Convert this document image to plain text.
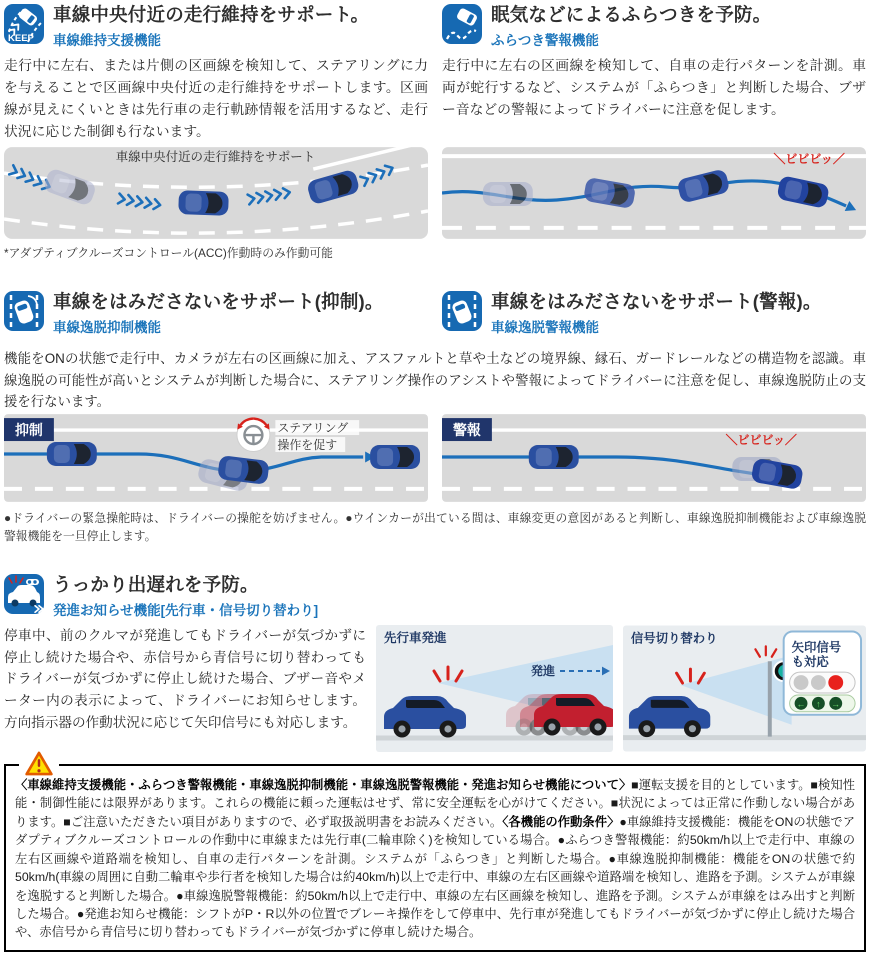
KEEP
車線中央付近の走行維持をサポート。
車線維持支援機能

走行中に左右、または片側の区画線を検知して、ステアリングに力を与えることで区画線中央付近の走行維持をサポートします。区画線が見えにくいときは先行車の走行軌跡情報を活用するなど、走行状況に応じた制御も行ないます。

車線中央付近の走行維持をサポート
*アダプティブクルーズコントロール(ACC)作動時のみ作動可能
眠気などによるふらつきを予防。
ふらつき警報機能

走行中に左右の区画線を検知して、自車の走行パターンを計測。車両が蛇行するなど、システムが「ふらつき」と判断した場合、ブザー音などの警報によってドライバーに注意を促します。

＼ビビビッ／
車線をはみださないをサポート(抑制)。
車線逸脱抑制機能
車線をはみださないをサポート(警報)。
車線逸脱警報機能

機能をONの状態で走行中、カメラが左右の区画線に加え、アスファルトと草や土などの境界線、縁石、ガードレールなどの構造物を認識。車線逸脱の可能性が高いとシステムが判断した場合に、ステアリング操作のアシストや警報によってドライバーに注意を促し、車線逸脱防止の支援を行ないます。

ステアリング
操作を促す
抑制
＼ビビビッ／
警報

●ドライバーの緊急操舵時は、ドライバーの操舵を妨げません。●ウインカーが出ている間は、車線変更の意図があると判断し、車線逸脱抑制機能および車線逸脱警報機能を一旦停止します。

うっかり出遅れを予防。
発進お知らせ機能[先行車・信号切り替わり]

停車中、前のクルマが発進してもドライバーが気づかずに停止し続けた場合や、赤信号から青信号に切り替わってもドライバーが気づかずに停止し続けた場合、ブザー音やメーター内の表示によって、ドライバーにお知らせします。方向指示器の作動状況に応じて矢印信号にも対応します。

発進
先行車発進
矢印信号
も対応
← ↑ →
信号切り替わり

〈車線維持支援機能・ふらつき警報機能・車線逸脱抑制機能・車線逸脱警報機能・発進お知らせ機能について〉■運転支援を目的としています。■検知性能・制御性能には限界があります。これらの機能に頼った運転はせず、常に安全運転を心がけてください。■状況によっては正常に作動しない場合があります。■ご注意いただきたい項目がありますので、必ず取扱説明書をお読みください。〈各機能の作動条件〉●車線維持支援機能：機能をONの状態でアダプティブクルーズコントロールの作動中に車線または先行車(二輪車除く)を検知している場合。●ふらつき警報機能：約50km/h以上で走行中、車線の左右区画線や道路端を検知し、自車の走行パターンを計測。システムが「ふらつき」と判断した場合。●車線逸脱抑制機能：機能をONの状態で約50km/h(車線の周囲に自動二輪車や歩行者を検知した場合は約40km/h)以上で走行中、車線の左右区画線や道路端を検知し、進路を予測。システムが車線を逸脱すると判断した場合。●車線逸脱警報機能：約50km/h以上で走行中、車線の左右区画線を検知し、進路を予測。システムが車線をはみ出すと判断した場合。●発進お知らせ機能：シフトがP・R以外の位置でブレーキ操作をして停車中、先行車が発進してもドライバーが気づかずに停止し続けた場合や、赤信号から青信号に切り替わってもドライバーが気づかずに停車し続けた場合。
